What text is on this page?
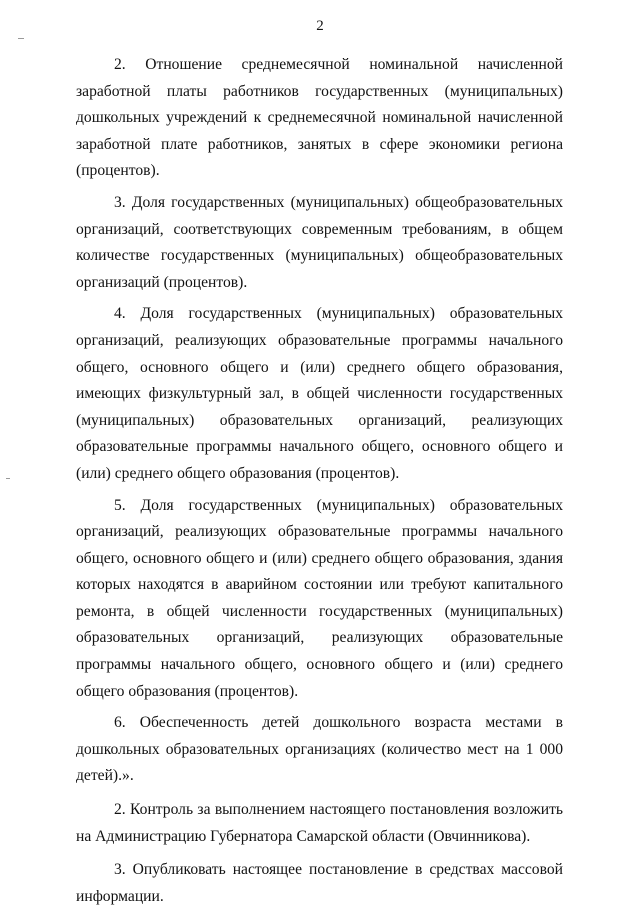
2

2. Отношение среднемесячной номинальной начисленной заработной платы работников государственных (муниципальных) дошкольных учреждений к среднемесячной номинальной начисленной заработной плате работников, занятых в сфере экономики региона (процентов).

3. Доля государственных (муниципальных) общеобразовательных организаций, соответствующих современным требованиям, в общем количестве государственных (муниципальных) общеобразовательных организаций (процентов).

4. Доля государственных (муниципальных) образовательных организаций, реализующих образовательные программы начального общего, основного общего и (или) среднего общего образования, имеющих физкультурный зал, в общей численности государственных (муниципальных) образовательных организаций, реализующих образовательные программы начального общего, основного общего и (или) среднего общего образования (процентов).

5. Доля государственных (муниципальных) образовательных организаций, реализующих образовательные программы начального общего, основного общего и (или) среднего общего образования, здания которых находятся в аварийном состоянии или требуют капитального ремонта, в общей численности государственных (муниципальных) образовательных организаций, реализующих образовательные программы начального общего, основного общего и (или) среднего общего образования (процентов).

6. Обеспеченность детей дошкольного возраста местами в дошкольных образовательных организациях (количество мест на 1 000 детей).».

2. Контроль за выполнением настоящего постановления возложить на Администрацию Губернатора Самарской области (Овчинникова).

3. Опубликовать настоящее постановление в средствах массовой информации.
